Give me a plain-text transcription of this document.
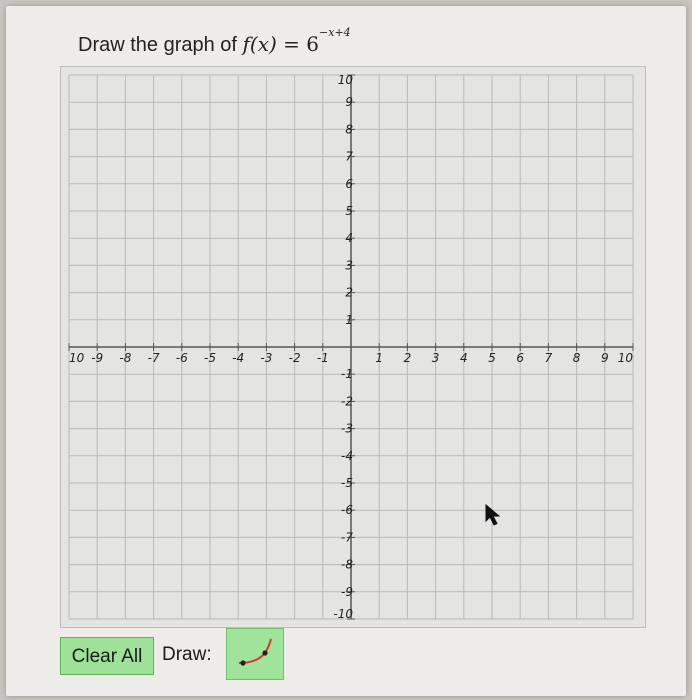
Draw the graph of $f(x) = 6^{-x+4}$
10 -9 -8 -7 -6 -5 -4 -3 -2 -1	1 2 3 4 5 6 7 8 9 10
10
9
8
7
6
5
4
3
2
1
-1
-2
-3
-4
-5
-6
-7
-8
-9
-10
Clear All	Draw:
